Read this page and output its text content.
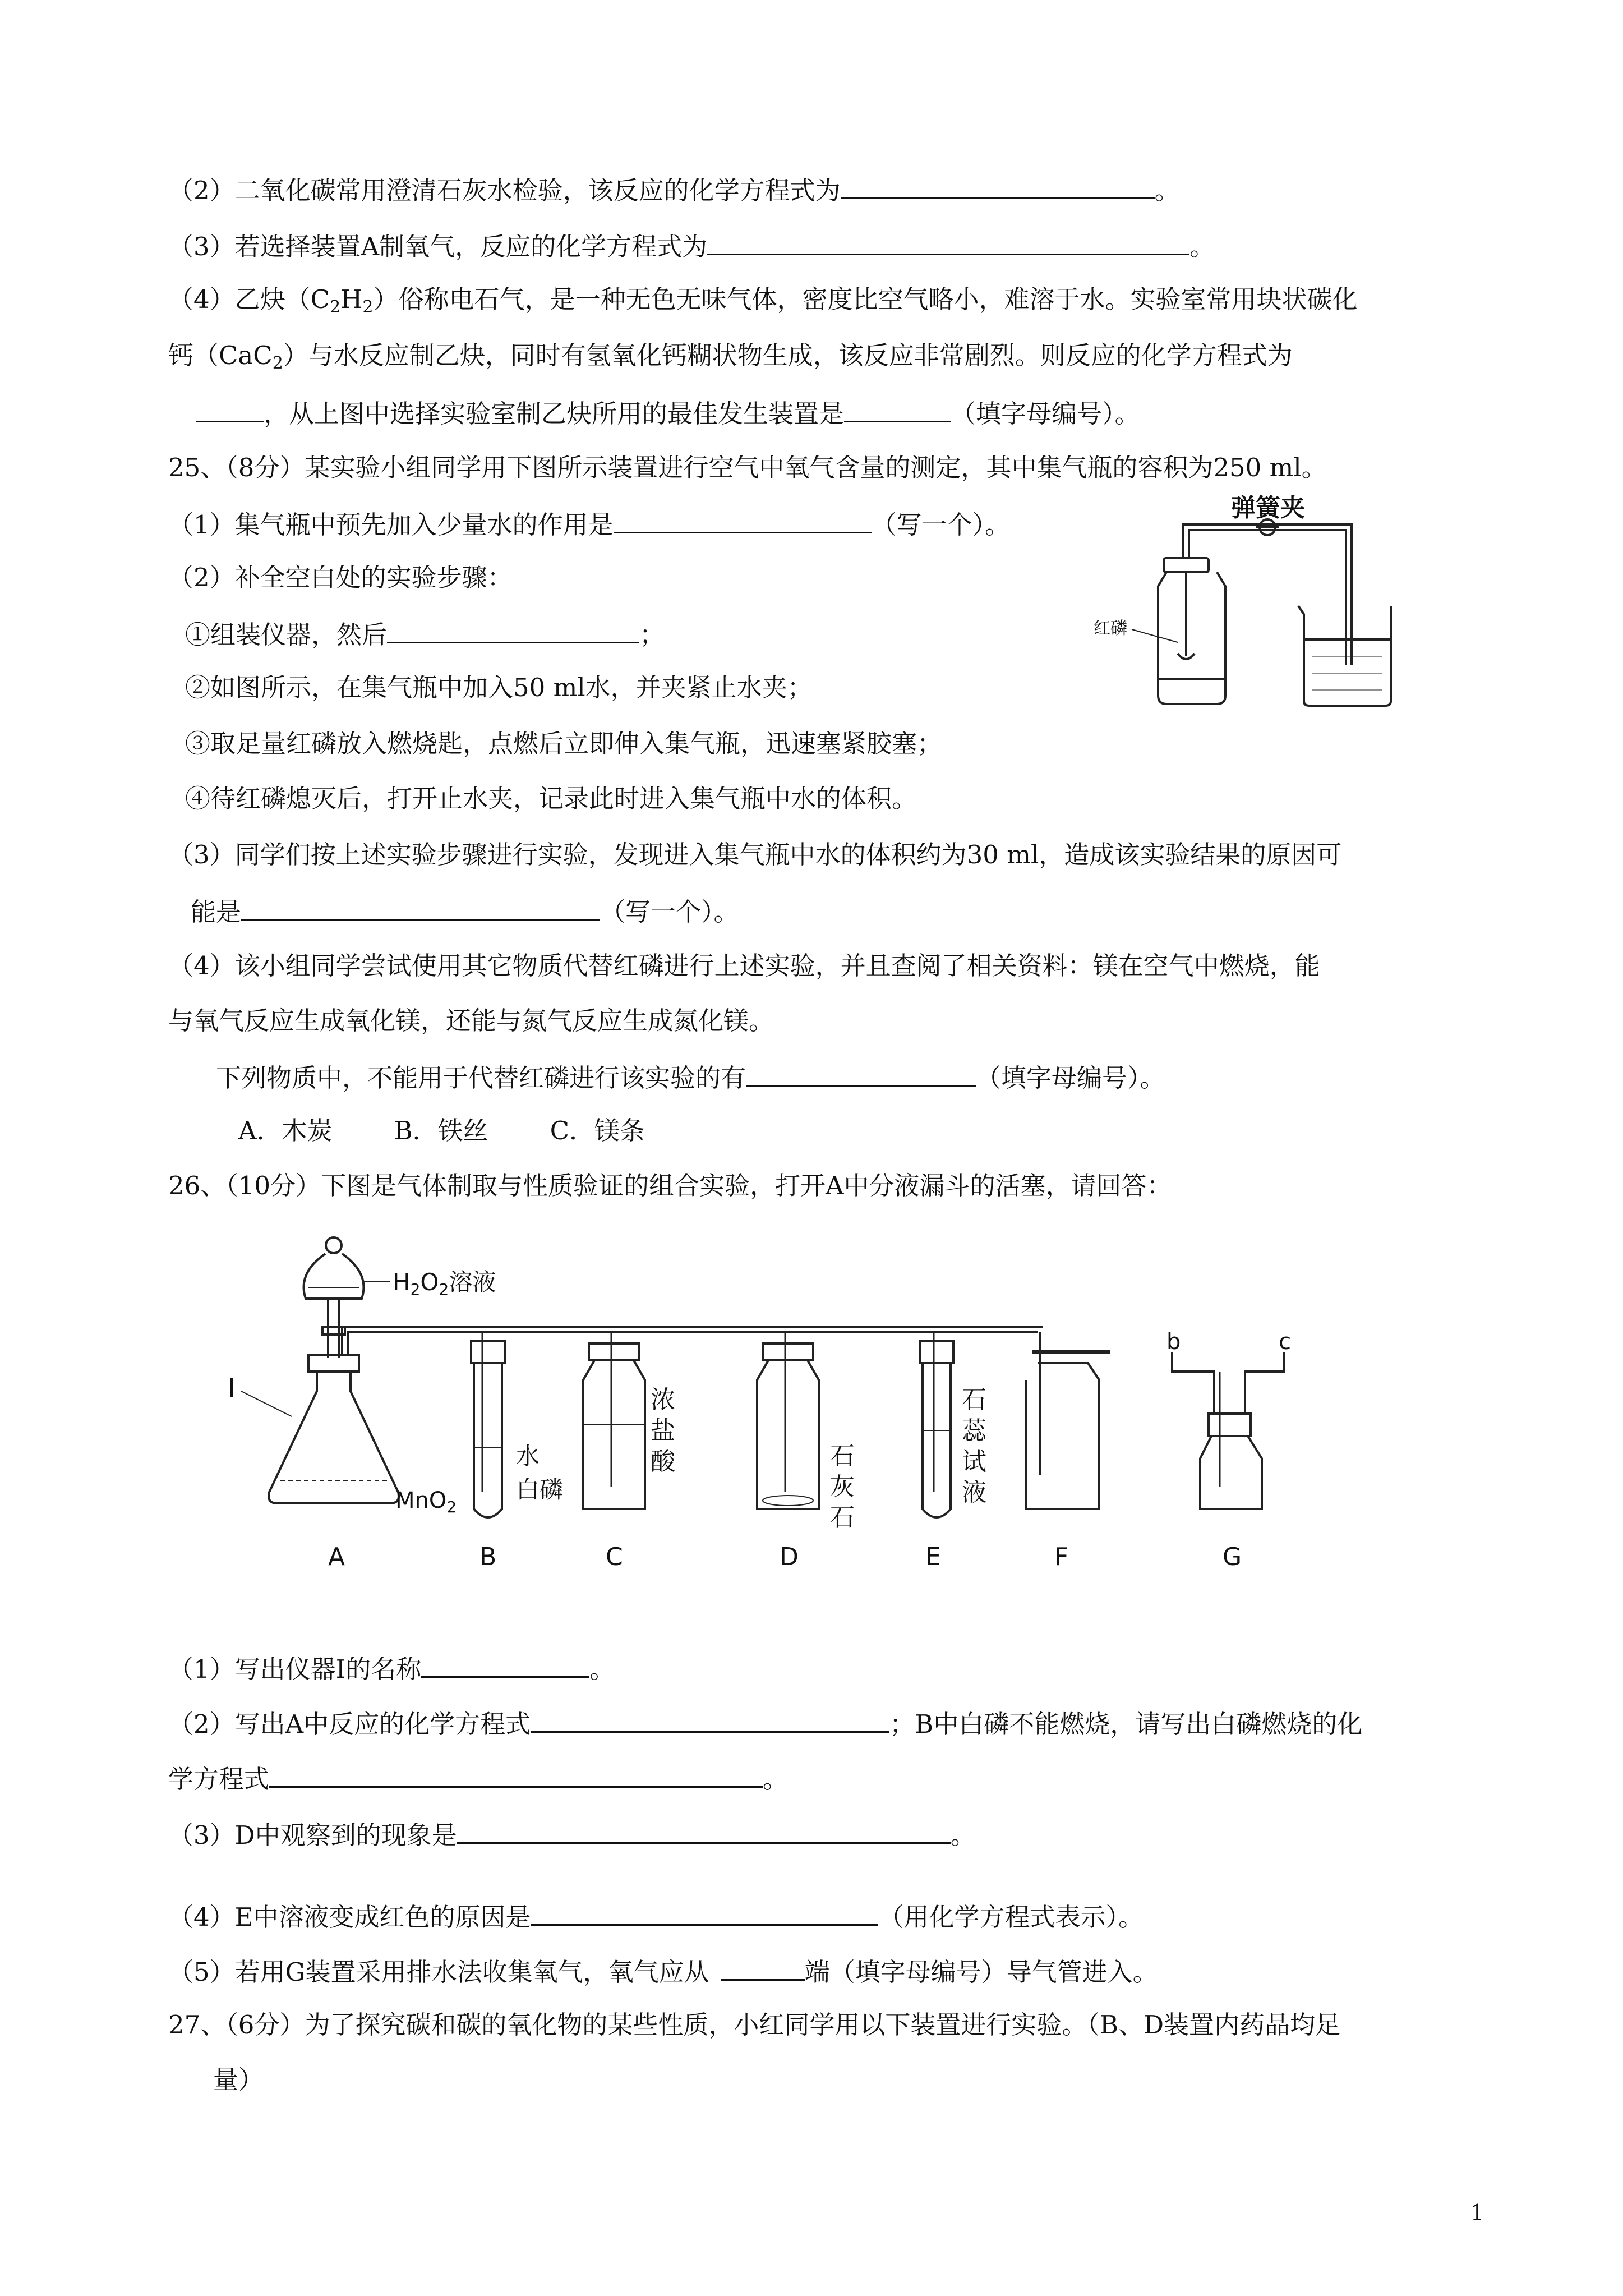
（2）二氧化碳常用澄清石灰水检验，该反应的化学方程式为	。
（3）若选择装置A制氧气，反应的化学方程式为	。
（4）乙炔$(C_2H_2)$俗称电石气，是一种无色无味气体，密度比空气略小，难溶于水。实验室常用块状碳化
钙（CaC$_2$）与水反应制乙炔，同时有氢氧化钙糊状物生成，该反应非常剧烈。则反应的化学方程式为
，从上图中选择实验室制乙炔所用的最佳发生装置是	（填字母编号）。
25、（8分）某实验小组同学用下图所示装置进行空气中氧气含量的测定，其中集气瓶的容积为250 ml。
（1）集气瓶中预先加入少量水的作用是	（写一个）。
（2）补全空白处的实验步骤：
①组装仪器，然后	；
②如图所示，在集气瓶中加入50 ml水，并夹紧止水夹；
③取足量红磷放入燃烧匙，点燃后立即伸入集气瓶，迅速塞紧胶塞；
④待红磷熄灭后，打开止水夹，记录此时进入集气瓶中水的体积。
（3）同学们按上述实验步骤进行实验，发现进入集气瓶中水的体积约为30 ml，造成该实验结果的原因可
能是	（写一个）。
（4）该小组同学尝试使用其它物质代替红磷进行上述实验，并且查阅了相关资料：镁在空气中燃烧，能
与氧气反应生成氧化镁，还能与氮气反应生成氮化镁。
下列物质中，不能用于代替红磷进行该实验的有	（填字母编号）。
A．木炭 B．铁丝 C．镁条
弹簧夹
红磷
26、（10分）下图是气体制取与性质验证的组合实验，打开A中分液漏斗的活塞，请回答：
H2O2溶液
I
MnO$_2$
水
白磷
浓盐酸	石灰石
石蕊试液
b	c
A	B	C	D	E	F	G
（1）写出仪器Ⅰ的名称	。
（2）写出A中反应的化学方程式	；B中白磷不能燃烧，请写出白磷燃烧的化
学方程式	。
（3）D中观察到的现象是	。
（4）E中溶液变成红色的原因是	（用化学方程式表示）。
（5）若用G装置采用排水法收集氧气，氧气应从	端（填字母编号）导气管进入。
27、（6分）为了探究碳和碳的氧化物的某些性质，小红同学用以下装置进行实验。（B、D装置内药品均足
量）
1
